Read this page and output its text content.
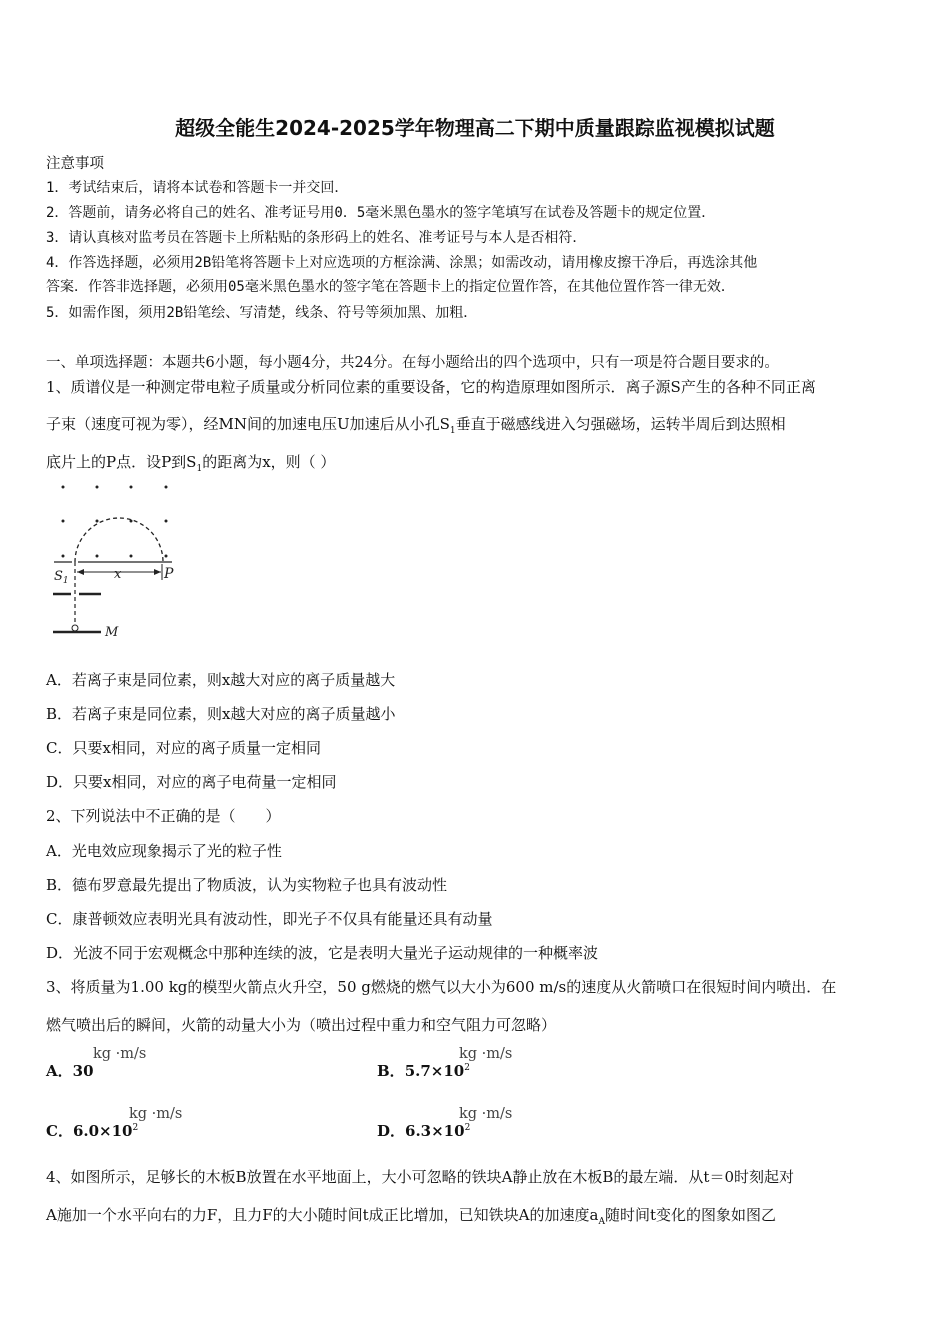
超级全能生2024-2025学年物理高二下期中质量跟踪监视模拟试题
注意事项
1．考试结束后，请将本试卷和答题卡一并交回．
2．答题前，请务必将自己的姓名、准考证号用0．5毫米黑色墨水的签字笔填写在试卷及答题卡的规定位置．
3．请认真核对监考员在答题卡上所粘贴的条形码上的姓名、准考证号与本人是否相符．
4．作答选择题，必须用2B铅笔将答题卡上对应选项的方框涂满、涂黑；如需改动，请用橡皮擦干净后，再选涂其他
答案．作答非选择题，必须用05毫米黑色墨水的签字笔在答题卡上的指定位置作答，在其他位置作答一律无效．
5．如需作图，须用2B铅笔绘、写清楚，线条、符号等须加黑、加粗．
一、单项选择题：本题共6小题，每小题4分，共24分。在每小题给出的四个选项中，只有一项是符合题目要求的。
1、质谱仪是一种测定带电粒子质量或分析同位素的重要设备，它的构造原理如图所示．离子源S产生的各种不同正离
子束（速度可视为零），经MN间的加速电压U加速后从小孔$S_1$垂直于磁感线进入匀强磁场，运转半周后到达照相
底片上的P点．设P到$S_1$的距离为x，则（ ）
$S_1$	x	P
M
A．若离子束是同位素，则x越大对应的离子质量越大
B．若离子束是同位素，则x越大对应的离子质量越小
C．只要x相同，对应的离子质量一定相同
D．只要x相同，对应的离子电荷量一定相同
2、下列说法中不正确的是（　　）
A．光电效应现象揭示了光的粒子性
B．德布罗意最先提出了物质波，认为实物粒子也具有波动性
C．康普顿效应表明光具有波动性，即光子不仅具有能量还具有动量
D．光波不同于宏观概念中那种连续的波，它是表明大量光子运动规律的一种概率波
3、将质量为1.00 kg的模型火箭点火升空，50 g燃烧的燃气以大小为600 m/s的速度从火箭喷口在很短时间内喷出．在
燃气喷出后的瞬间，火箭的动量大小为（喷出过程中重力和空气阻力可忽略）
A．30
kg ·m/s
B．$5.7\times 10^2$
kg ·m/s
C．$6.0\times 10^2$
kg ·m/s
D．$6.3\times 10^2$
kg ·m/s
4、如图所示，足够长的木板B放置在水平地面上，大小可忽略的铁块A静止放在木板B的最左端．从t＝0时刻起对
A施加一个水平向右的力F，且力F的大小随时间t成正比增加，已知铁块A的加速度$a_A$随时间t变化的图象如图乙
